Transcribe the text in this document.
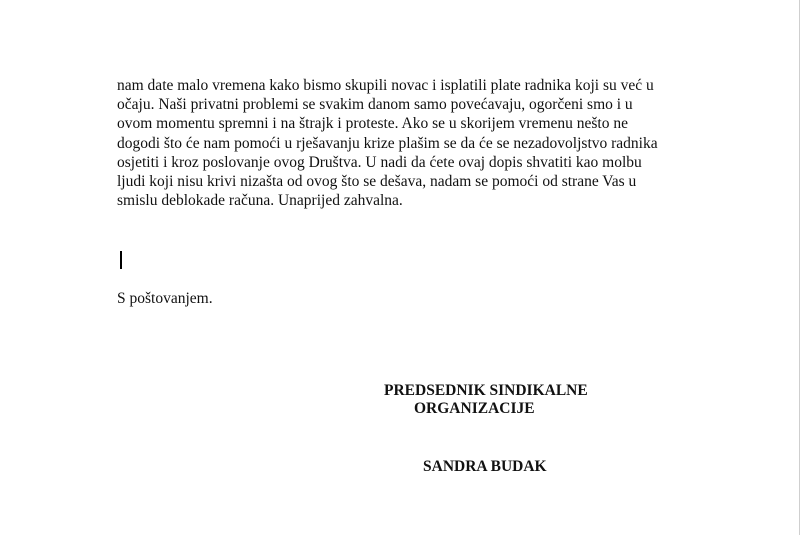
nam date malo vremena kako bismo skupili novac i isplatili plate radnika koji su već u
očaju. Naši privatni problemi se svakim danom samo povećavaju, ogorčeni smo i u
ovom momentu spremni i na štrajk i proteste. Ako se u skorijem vremenu nešto ne
dogodi što će nam pomoći u rješavanju krize plašim se da će se nezadovoljstvo radnika
osjetiti i kroz poslovanje ovog Društva. U nadi da ćete ovaj dopis shvatiti kao molbu
ljudi koji nisu krivi nizašta od ovog što se dešava, nadam se pomoći od strane Vas u
smislu deblokade računa. Unaprijed zahvalna.
S poštovanjem.
PREDSEDNIK SINDIKALNE
ORGANIZACIJE
SANDRA BUDAK
